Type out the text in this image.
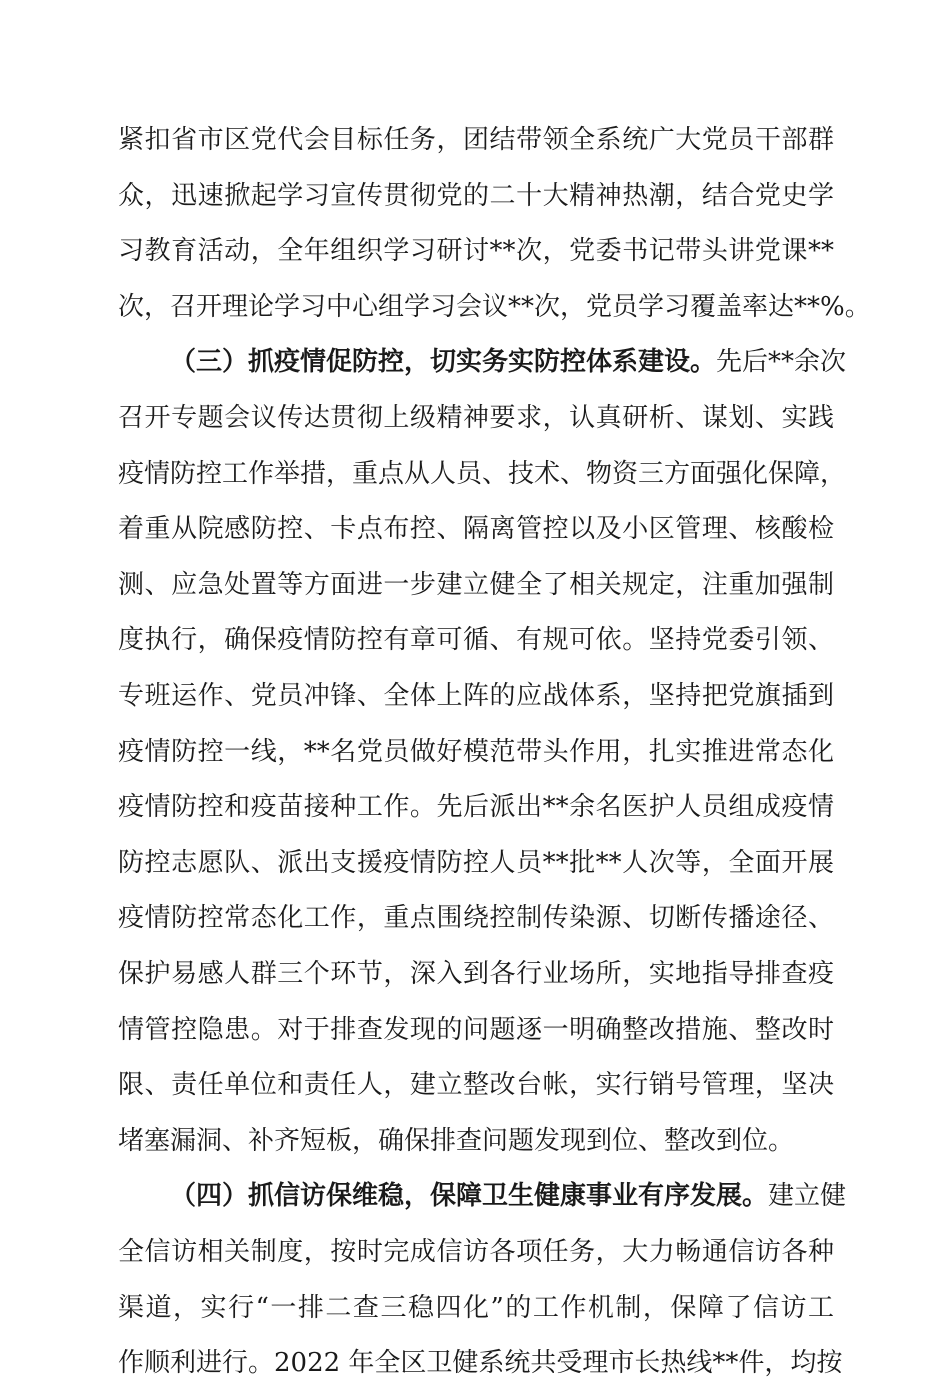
紧扣省市区党代会目标任务，团结带领全系统广大党员干部群
众，迅速掀起学习宣传贯彻党的二十大精神热潮，结合党史学
习教育活动，全年组织学习研讨**次，党委书记带头讲党课**
次，召开理论学习中心组学习会议**次，党员学习覆盖率达**%。
（三）抓疫情促防控，切实务实防控体系建设。先后**余次
召开专题会议传达贯彻上级精神要求，认真研析、谋划、实践
疫情防控工作举措，重点从人员、技术、物资三方面强化保障，
着重从院感防控、卡点布控、隔离管控以及小区管理、核酸检
测、应急处置等方面进一步建立健全了相关规定，注重加强制
度执行，确保疫情防控有章可循、有规可依。坚持党委引领、
专班运作、党员冲锋、全体上阵的应战体系，坚持把党旗插到
疫情防控一线，**名党员做好模范带头作用，扎实推进常态化
疫情防控和疫苗接种工作。先后派出**余名医护人员组成疫情
防控志愿队、派出支援疫情防控人员**批**人次等，全面开展
疫情防控常态化工作，重点围绕控制传染源、切断传播途径、
保护易感人群三个环节，深入到各行业场所，实地指导排查疫
情管控隐患。对于排查发现的问题逐一明确整改措施、整改时
限、责任单位和责任人，建立整改台帐，实行销号管理，坚决
堵塞漏洞、补齐短板，确保排查问题发现到位、整改到位。
（四）抓信访保维稳，保障卫生健康事业有序发展。建立健
全信访相关制度，按时完成信访各项任务，大力畅通信访各种
渠道，实行“一排二查三稳四化”的工作机制，保障了信访工
作顺利进行。2022 年全区卫健系统共受理市长热线**件，均按
